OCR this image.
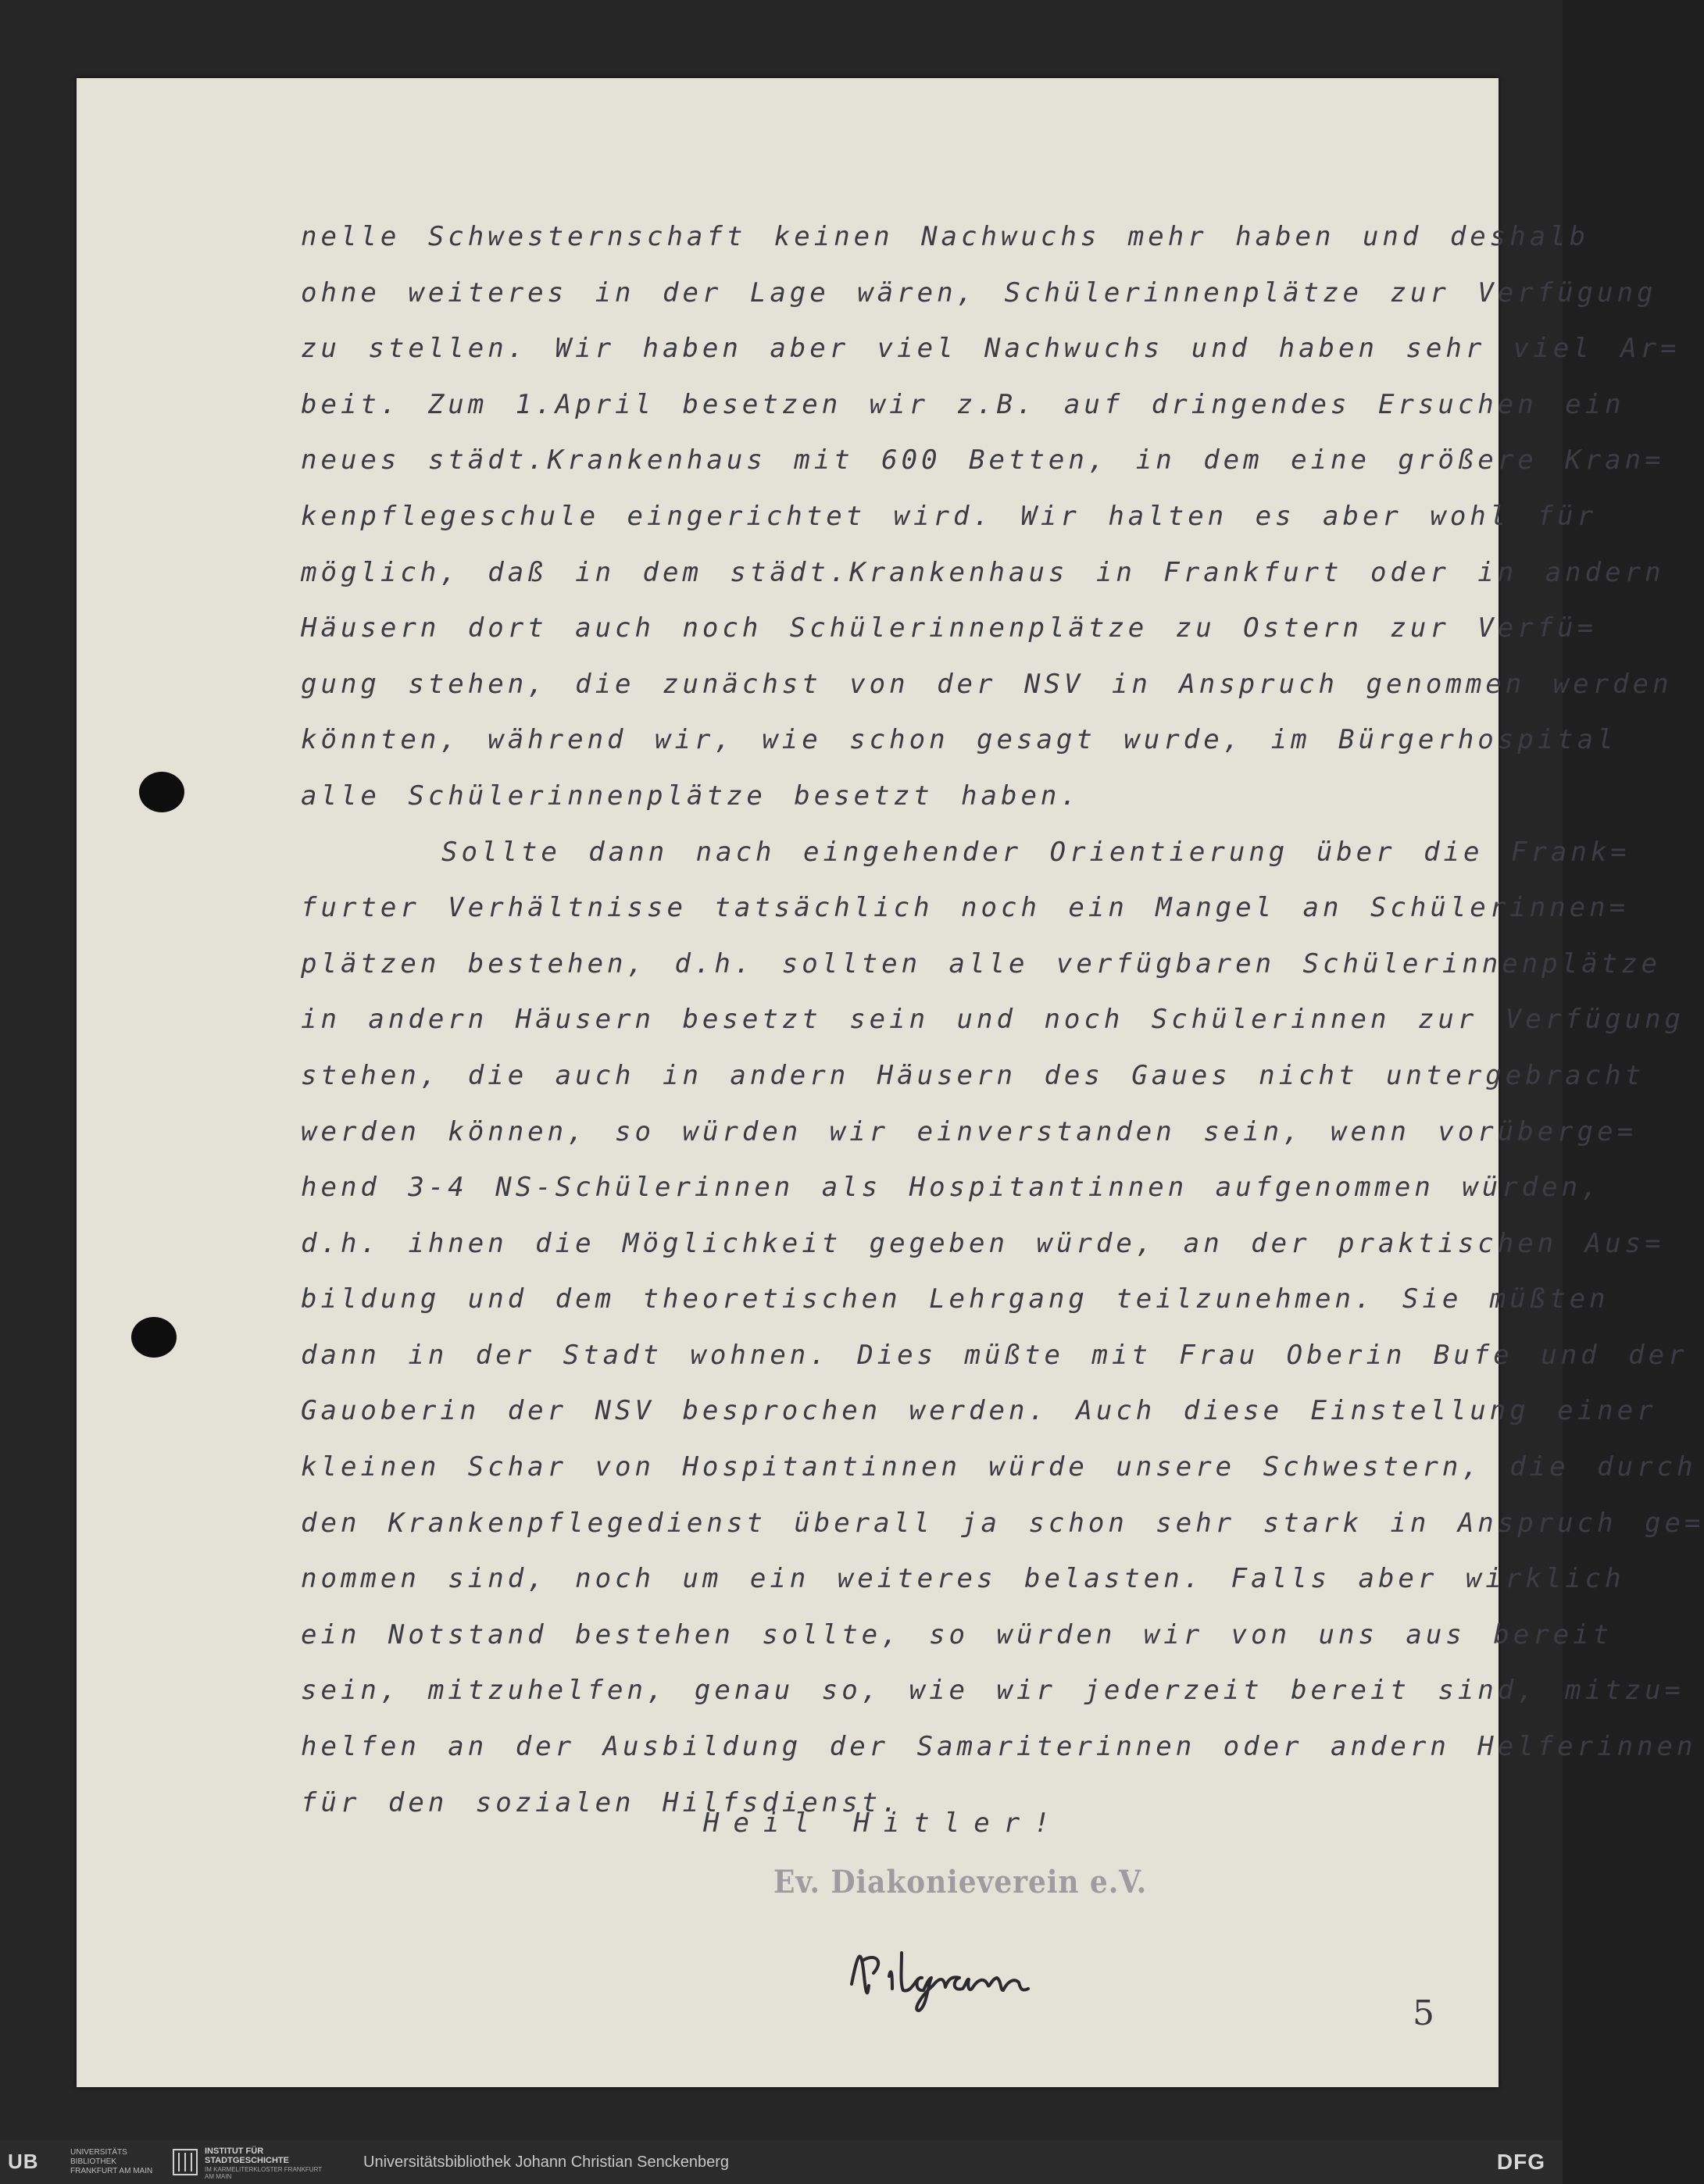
nelle Schwesternschaft keinen Nachwuchs mehr haben und deshalb
ohne weiteres in der Lage wären, Schülerinnenplätze zur Verfügung
zu stellen. Wir haben aber viel Nachwuchs und haben sehr viel Ar=
beit. Zum 1.April besetzen wir z.B. auf dringendes Ersuchen ein
neues städt.Krankenhaus mit 600 Betten, in dem eine größere Kran=
kenpflegeschule eingerichtet wird. Wir halten es aber wohl für
möglich, daß in dem städt.Krankenhaus in Frankfurt oder in andern
Häusern dort auch noch Schülerinnenplätze zu Ostern zur Verfü=
gung stehen, die zunächst von der NSV in Anspruch genommen werden
könnten, während wir, wie schon gesagt wurde, im Bürgerhospital
alle Schülerinnenplätze besetzt haben.
Sollte dann nach eingehender Orientierung über die Frank=
furter Verhältnisse tatsächlich noch ein Mangel an Schülerinnen=
plätzen bestehen, d.h. sollten alle verfügbaren Schülerinnenplätze
in andern Häusern besetzt sein und noch Schülerinnen zur Verfügung
stehen, die auch in andern Häusern des Gaues nicht untergebracht
werden können, so würden wir einverstanden sein, wenn vorüberge=
hend 3-4 NS-Schülerinnen als Hospitantinnen aufgenommen würden,
d.h. ihnen die Möglichkeit gegeben würde, an der praktischen Aus=
bildung und dem theoretischen Lehrgang teilzunehmen. Sie müßten
dann in der Stadt wohnen. Dies müßte mit Frau Oberin Bufe und der
Gauoberin der NSV besprochen werden. Auch diese Einstellung einer
kleinen Schar von Hospitantinnen würde unsere Schwestern, die durch
den Krankenpflegedienst überall ja schon sehr stark in Anspruch ge=
nommen sind, noch um ein weiteres belasten. Falls aber wirklich
ein Notstand bestehen sollte, so würden wir von uns aus bereit
sein, mitzuhelfen, genau so, wie wir jederzeit bereit sind, mitzu=
helfen an der Ausbildung der Samariterinnen oder andern Helferinnen
für den sozialen Hilfsdienst.
Heil Hitler!
Ev. Diakonieverein e.V.
5
UB	UNIVERSITÄTS BIBLIOTHEK FRANKFURT AM MAIN
INSTITUT FÜR STADTGESCHICHTE
IM KARMELITERKLOSTER FRANKFURT AM MAIN
Universitätsbibliothek Johann Christian Senckenberg	DFG
